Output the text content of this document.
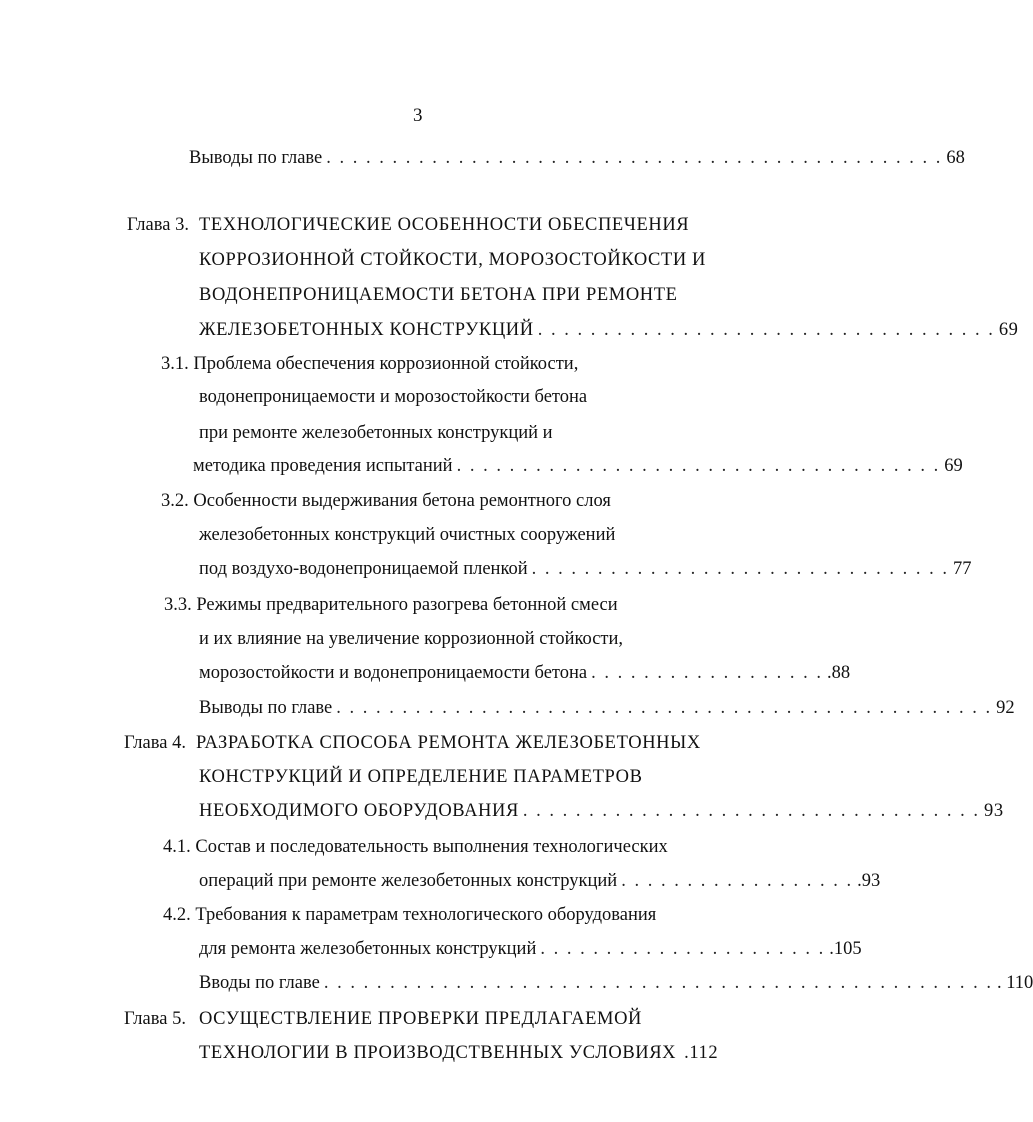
3
Выводы по главе . . . . . . . . . . . . . . . . . . . . . . . . . . . . . . . . . . . . . . . . . . . . . . . 68
Глава 3. ТЕХНОЛОГИЧЕСКИЕ ОСОБЕННОСТИ ОБЕСПЕЧЕНИЯ
КОРРОЗИОННОЙ СТОЙКОСТИ, МОРОЗОСТОЙКОСТИ И
ВОДОНЕПРОНИЦАЕМОСТИ БЕТОНА ПРИ РЕМОНТЕ
ЖЕЛЕЗОБЕТОННЫХ КОНСТРУКЦИЙ . . . . . . . . . . . . . . . . . . . . . . . . . . . . . . . . . . . 69
3.1. Проблема обеспечения коррозионной стойкости,
водонепроницаемости и морозостойкости бетона
при ремонте железобетонных конструкций и
методика проведения испытаний . . . . . . . . . . . . . . . . . . . . . . . . . . . . . . . . . . . . . 69
3.2. Особенности выдерживания бетона ремонтного слоя
железобетонных конструкций очистных сооружений
под воздухо-водонепроницаемой пленкой . . . . . . . . . . . . . . . . . . . . . . . . . . . . . . . . 77
3.3. Режимы предварительного разогрева бетонной смеси
и их влияние на увеличение коррозионной стойкости,
морозостойкости и водонепроницаемости бетона . . . . . . . . . . . . . . . . . . .88
Выводы по главе . . . . . . . . . . . . . . . . . . . . . . . . . . . . . . . . . . . . . . . . . . . . . . . . . . 92
Глава 4. РАЗРАБОТКА СПОСОБА РЕМОНТА ЖЕЛЕЗОБЕТОННЫХ
КОНСТРУКЦИЙ И ОПРЕДЕЛЕНИЕ ПАРАМЕТРОВ
НЕОБХОДИМОГО ОБОРУДОВАНИЯ . . . . . . . . . . . . . . . . . . . . . . . . . . . . . . . . . . . 93
4.1. Состав и последовательность выполнения технологических
операций при ремонте железобетонных конструкций . . . . . . . . . . . . . . . . . . .93
4.2. Требования к параметрам технологического оборудования
для ремонта железобетонных конструкций . . . . . . . . . . . . . . . . . . . . . . .105
Вводы по главе . . . . . . . . . . . . . . . . . . . . . . . . . . . . . . . . . . . . . . . . . . . . . . . . . . . . 110
Глава 5. ОСУЩЕСТВЛЕНИЕ ПРОВЕРКИ ПРЕДЛАГАЕМОЙ
ТЕХНОЛОГИИ В ПРОИЗВОДСТВЕННЫХ УСЛОВИЯХ .112
